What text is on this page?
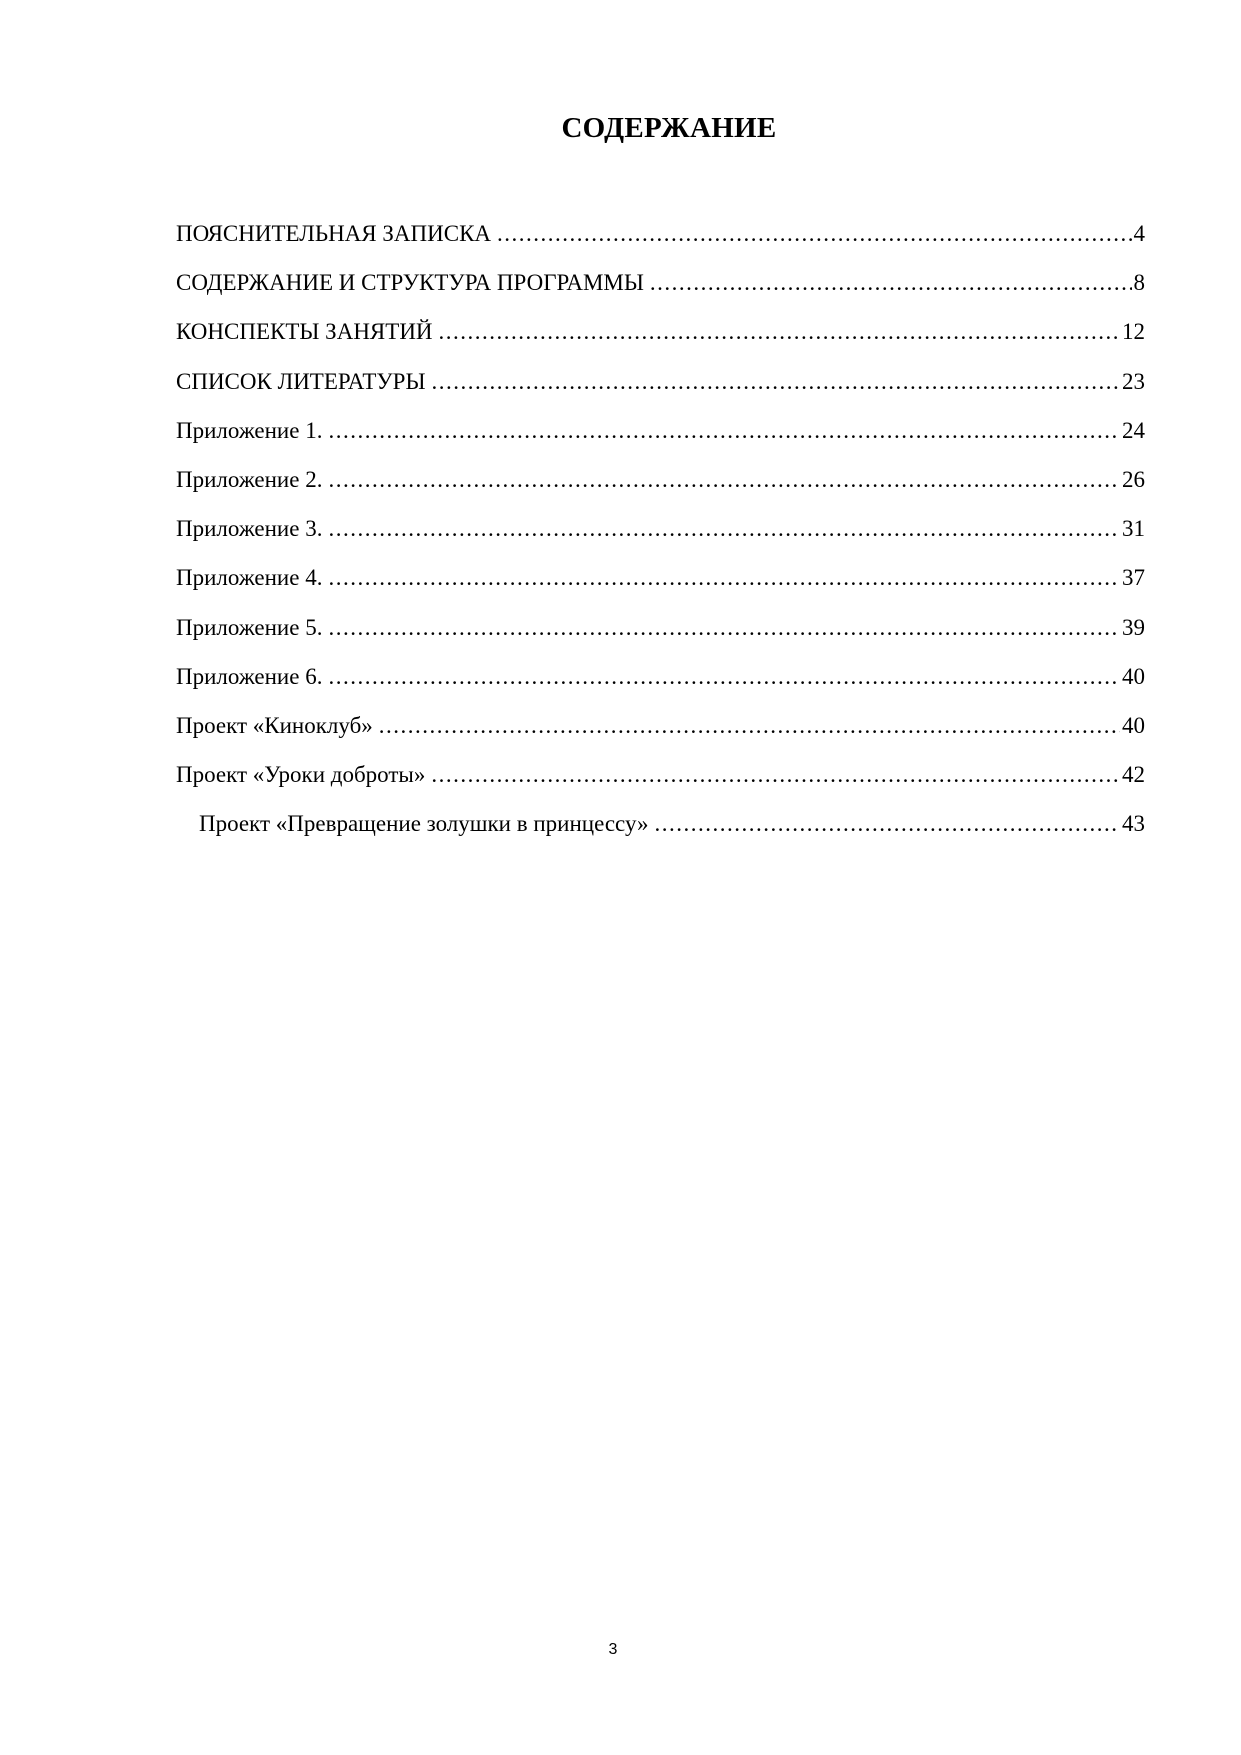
СОДЕРЖАНИЕ
ПОЯСНИТЕЛЬНАЯ ЗАПИСКА .....	4
СОДЕРЖАНИЕ И СТРУКТУРА ПРОГРАММЫ .....	8
КОНСПЕКТЫ ЗАНЯТИЙ .....	12
СПИСОК ЛИТЕРАТУРЫ .....	23
Приложение 1. .....	24
Приложение 2. .....	26
Приложение 3. .....	31
Приложение 4. .....	37
Приложение 5. .....	39
Приложение 6. .....	40
Проект «Киноклуб» .....	40
Проект «Уроки доброты» .....	42
Проект «Превращение золушки в принцессу» .....	43
3
